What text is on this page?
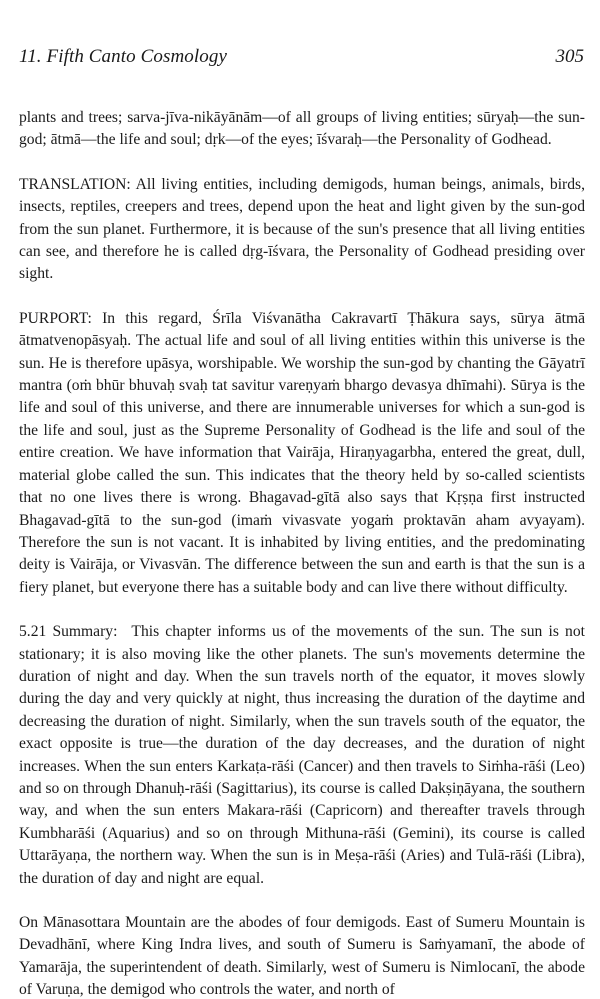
11. Fifth Canto Cosmology	305

plants and trees; sarva-jīva-nikāyānām—of all groups of living entities; sūryaḥ—the sun-god; ātmā—the life and soul; dṛk—of the eyes; īśvaraḥ—the Personality of Godhead.

TRANSLATION: All living entities, including demigods, human beings, animals, birds, insects, reptiles, creepers and trees, depend upon the heat and light given by the sun-god from the sun planet. Furthermore, it is because of the sun's presence that all living entities can see, and therefore he is called dṛg-īśvara, the Personality of Godhead presiding over sight.

PURPORT: In this regard, Śrīla Viśvanātha Cakravartī Ṭhākura says, sūrya ātmā ātmatvenopāsyaḥ. The actual life and soul of all living entities within this universe is the sun. He is therefore upāsya, worshipable. We worship the sun-god by chanting the Gāyatrī mantra (oṁ bhūr bhuvaḥ svaḥ tat savitur vareṇyaṁ bhargo devasya dhīmahi). Sūrya is the life and soul of this universe, and there are innumerable universes for which a sun-god is the life and soul, just as the Supreme Personality of Godhead is the life and soul of the entire creation. We have information that Vairāja, Hiraṇyagarbha, entered the great, dull, material globe called the sun. This indicates that the theory held by so-called scientists that no one lives there is wrong. Bhagavad-gītā also says that Kṛṣṇa first instructed Bhagavad-gītā to the sun-god (imaṁ vivasvate yogaṁ proktavān aham avyayam). Therefore the sun is not vacant. It is inhabited by living entities, and the predominating deity is Vairāja, or Vivasvān. The difference between the sun and earth is that the sun is a fiery planet, but everyone there has a suitable body and can live there without difficulty.

5.21 Summary: This chapter informs us of the movements of the sun. The sun is not stationary; it is also moving like the other planets. The sun's movements determine the duration of night and day. When the sun travels north of the equator, it moves slowly during the day and very quickly at night, thus increasing the duration of the daytime and decreasing the duration of night. Similarly, when the sun travels south of the equator, the exact opposite is true—the duration of the day decreases, and the duration of night increases. When the sun enters Karkaṭa-rāśi (Cancer) and then travels to Siṁha-rāśi (Leo) and so on through Dhanuḥ-rāśi (Sagittarius), its course is called Dakṣiṇāyana, the southern way, and when the sun enters Makara-rāśi (Capricorn) and thereafter travels through Kumbharāśi (Aquarius) and so on through Mithuna-rāśi (Gemini), its course is called Uttarāyaṇa, the northern way. When the sun is in Meṣa-rāśi (Aries) and Tulā-rāśi (Libra), the duration of day and night are equal.

On Mānasottara Mountain are the abodes of four demigods. East of Sumeru Mountain is Devadhānī, where King Indra lives, and south of Sumeru is Saṁyamanī, the abode of Yamarāja, the superintendent of death. Similarly, west of Sumeru is Nimlocanī, the abode of Varuṇa, the demigod who controls the water, and north of
